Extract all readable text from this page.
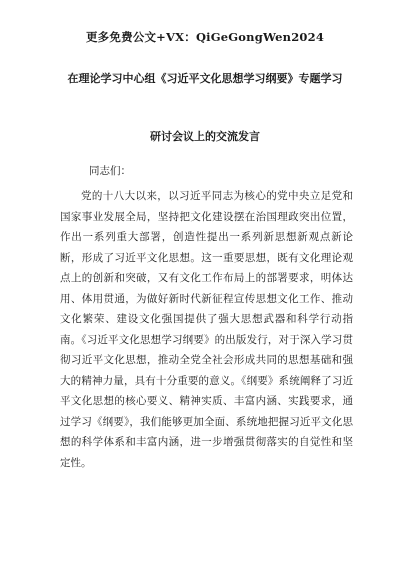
更多免费公文+VX：QiGeGongWen2024
在理论学习中心组《习近平文化思想学习纲要》专题学习
研讨会议上的交流发言
同志们：

党的十八大以来，以习近平同志为核心的党中央立足党和国家事业发展全局，坚持把文化建设摆在治国理政突出位置，作出一系列重大部署，创造性提出一系列新思想新观点新论断，形成了习近平文化思想。这一重要思想，既有文化理论观点上的创新和突破，又有文化工作布局上的部署要求，明体达用、体用贯通，为做好新时代新征程宣传思想文化工作、推动文化繁荣、建设文化强国提供了强大思想武器和科学行动指南。《习近平文化思想学习纲要》的出版发行，对于深入学习贯彻习近平文化思想，推动全党全社会形成共同的思想基础和强大的精神力量，具有十分重要的意义。《纲要》系统阐释了习近平文化思想的核心要义、精神实质、丰富内涵、实践要求，通过学习《纲要》，我们能够更加全面、系统地把握习近平文化思想的科学体系和丰富内涵，进一步增强贯彻落实的自觉性和坚定性。
